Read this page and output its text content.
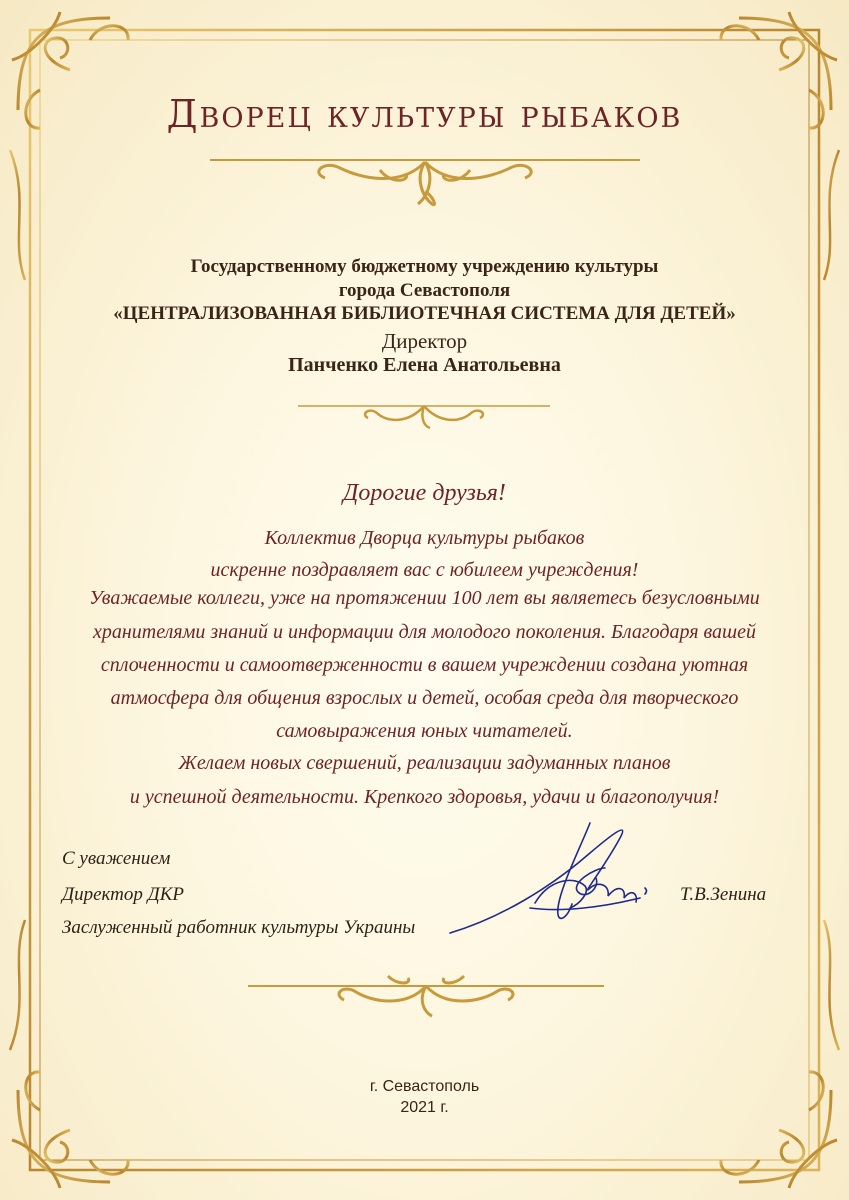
Дворец культуры рыбаков

Государственному бюджетному учреждению культуры

города Севастополя

«ЦЕНТРАЛИЗОВАННАЯ БИБЛИОТЕЧНАЯ СИСТЕМА ДЛЯ ДЕТЕЙ»

Директор

Панченко Елена Анатольевна

Дорогие друзья!

Коллектив Дворца культуры рыбаков

искренне поздравляет вас с юбилеем учреждения!

Уважаемые коллеги, уже на протяжении 100 лет вы являетесь безусловными

хранителями знаний и информации для молодого поколения. Благодаря вашей

сплоченности и самоотверженности в вашем учреждении создана уютная

атмосфера для общения взрослых и детей, особая среда для творческого

самовыражения юных читателей.

Желаем новых свершений, реализации задуманных планов

и успешной деятельности. Крепкого здоровья, удачи и благополучия!

С уважением

Директор ДКР

Заслуженный работник культуры Украины

Т.В.Зенина

г. Севастополь

2021 г.
